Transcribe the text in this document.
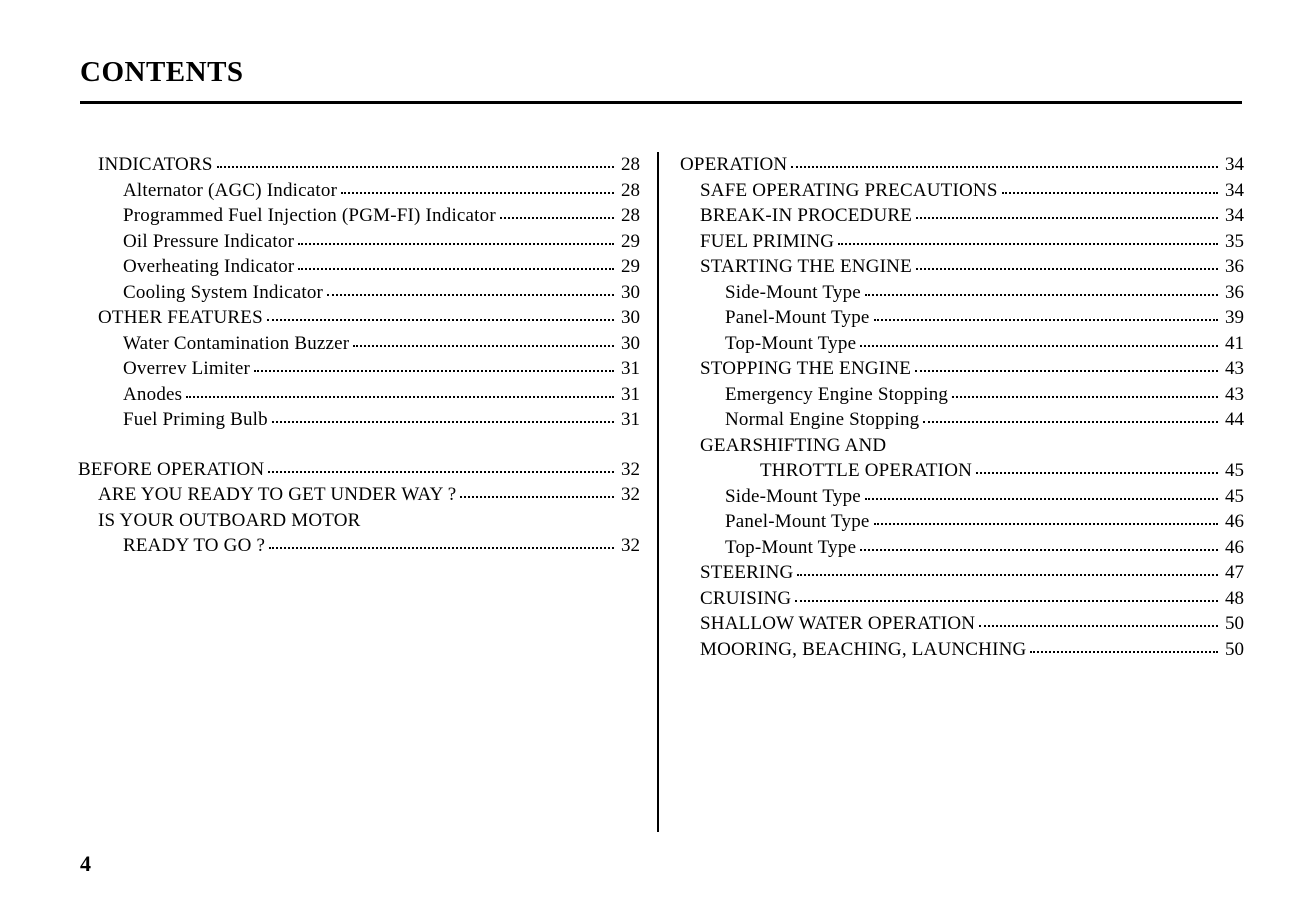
CONTENTS
INDICATORS	28
Alternator (AGC) Indicator	28
Programmed Fuel Injection (PGM-FI) Indicator	28
Oil Pressure Indicator	29
Overheating Indicator	29
Cooling System Indicator	30
OTHER FEATURES	30
Water Contamination Buzzer	30
Overrev Limiter	31
Anodes	31
Fuel Priming Bulb	31
BEFORE OPERATION	32
ARE YOU READY TO GET UNDER WAY ?	32
IS YOUR OUTBOARD MOTOR
READY TO GO ?	32
OPERATION	34
SAFE OPERATING PRECAUTIONS	34
BREAK-IN PROCEDURE	34
FUEL PRIMING	35
STARTING THE ENGINE	36
Side-Mount Type	36
Panel-Mount Type	39
Top-Mount Type	41
STOPPING THE ENGINE	43
Emergency Engine Stopping	43
Normal Engine Stopping	44
GEARSHIFTING AND
THROTTLE OPERATION	45
Side-Mount Type	45
Panel-Mount Type	46
Top-Mount Type	46
STEERING	47
CRUISING	48
SHALLOW WATER OPERATION	50
MOORING, BEACHING, LAUNCHING	50
4
